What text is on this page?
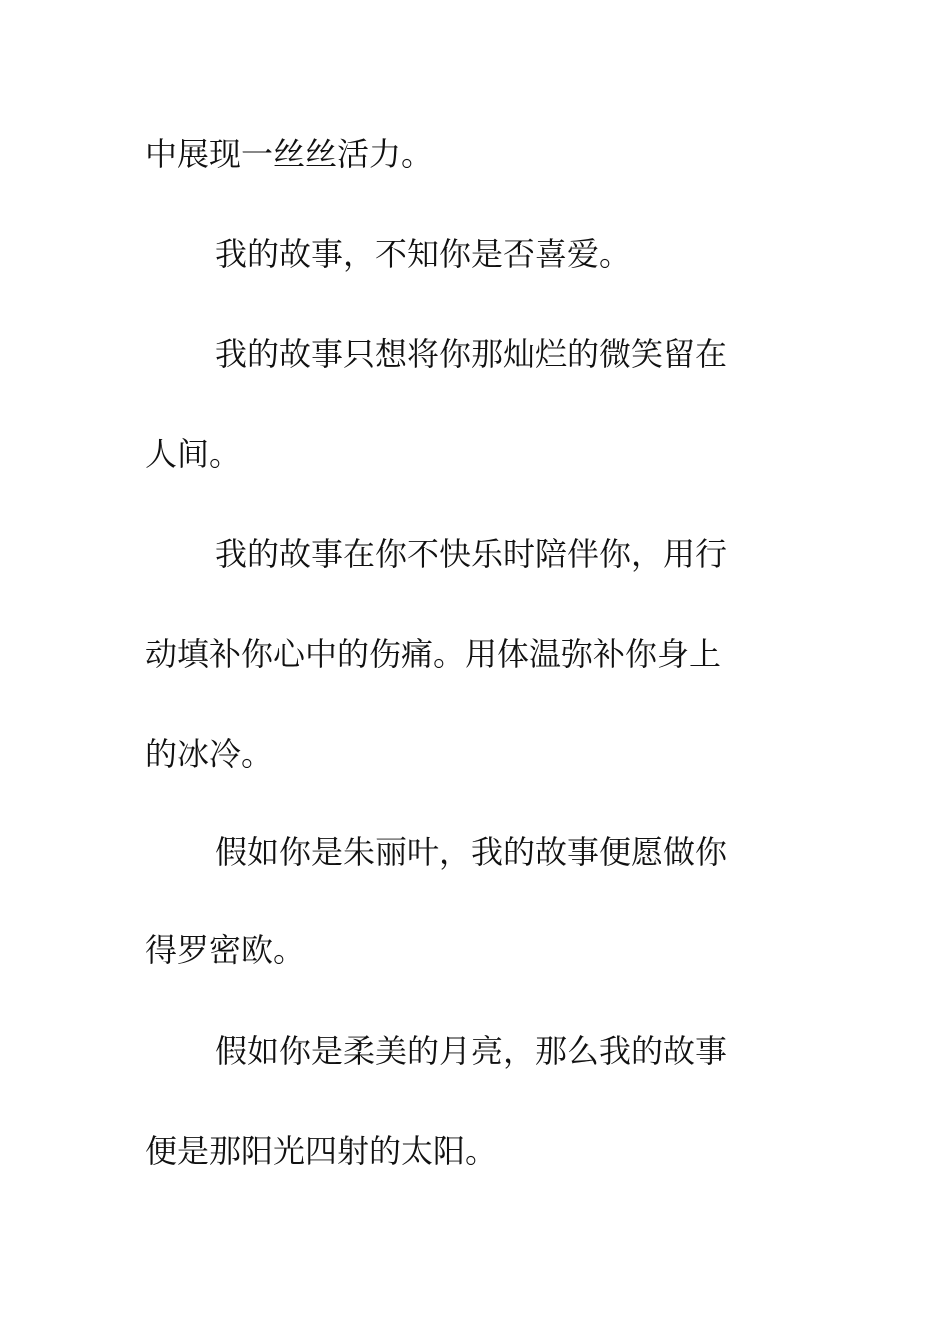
中展现一丝丝活力。
我的故事，不知你是否喜爱。
我的故事只想将你那灿烂的微笑留在
人间。
我的故事在你不快乐时陪伴你，用行
动填补你心中的伤痛。用体温弥补你身上
的冰冷。
假如你是朱丽叶，我的故事便愿做你
得罗密欧。
假如你是柔美的月亮，那么我的故事
便是那阳光四射的太阳。
